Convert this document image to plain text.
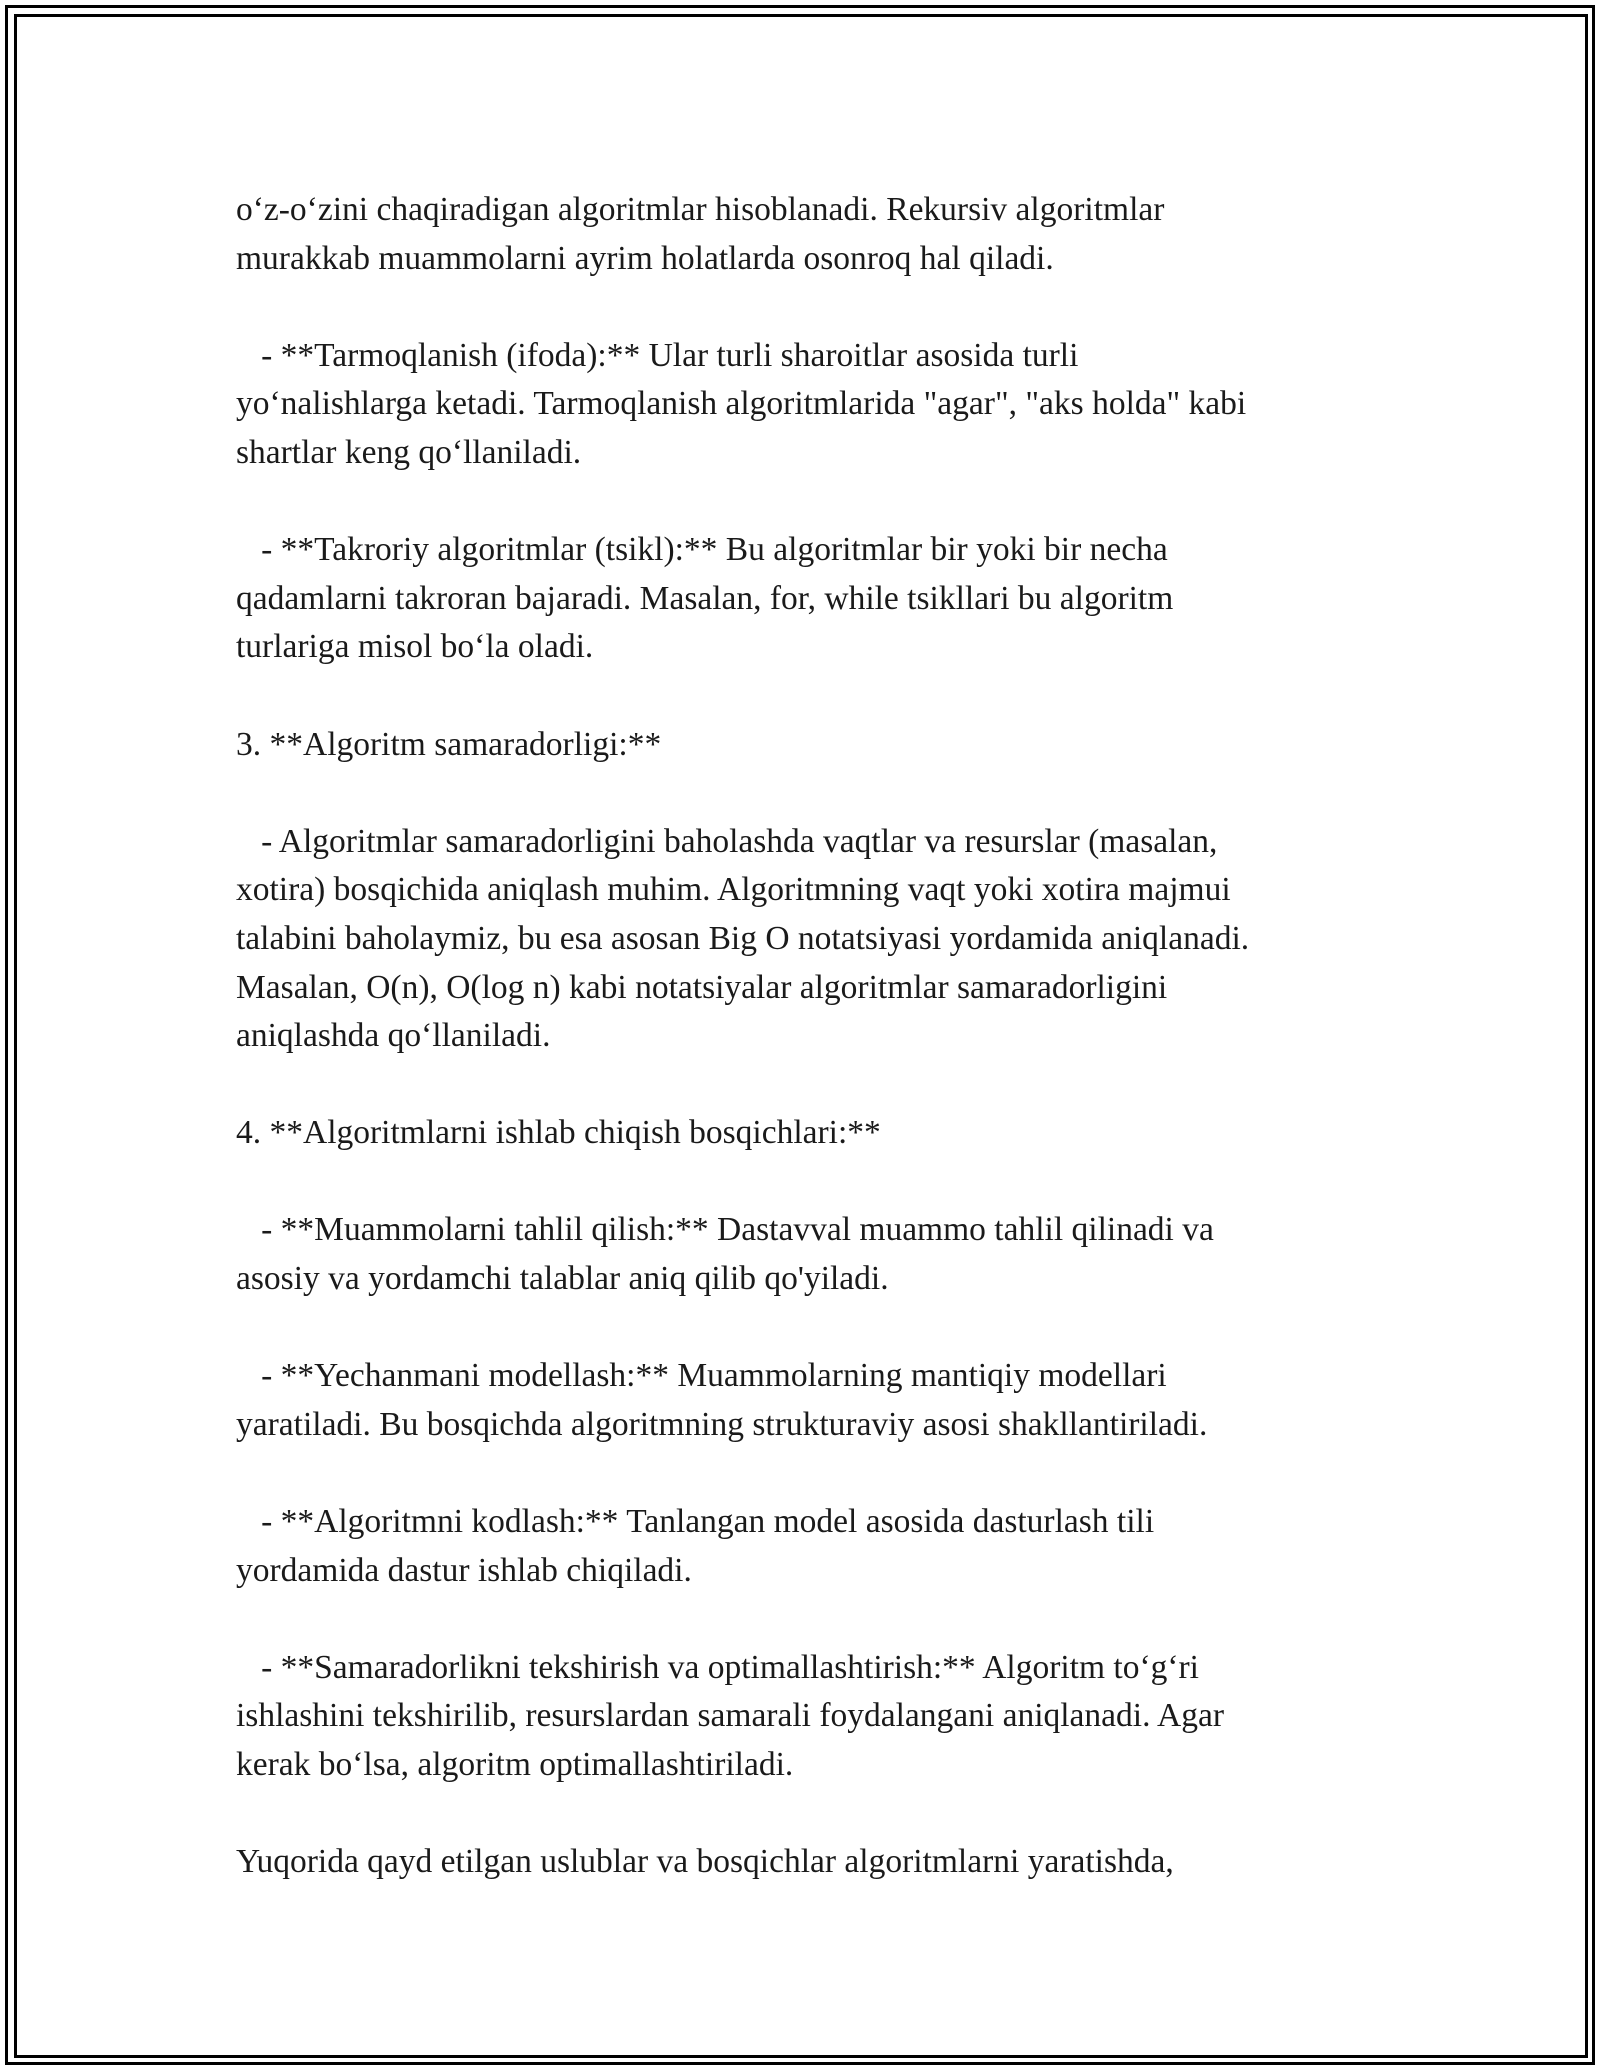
o‘z-o‘zini chaqiradigan algoritmlar hisoblanadi. Rekursiv algoritmlar
murakkab muammolarni ayrim holatlarda osonroq hal qiladi.

- **Tarmoqlanish (ifoda):** Ular turli sharoitlar asosida turli
yo‘nalishlarga ketadi. Tarmoqlanish algoritmlarida "agar", "aks holda" kabi
shartlar keng qo‘llaniladi.

- **Takroriy algoritmlar (tsikl):** Bu algoritmlar bir yoki bir necha
qadamlarni takroran bajaradi. Masalan, for, while tsikllari bu algoritm
turlariga misol bo‘la oladi.

3. **Algoritm samaradorligi:**

- Algoritmlar samaradorligini baholashda vaqtlar va resurslar (masalan,
xotira) bosqichida aniqlash muhim. Algoritmning vaqt yoki xotira majmui
talabini baholaymiz, bu esa asosan Big O notatsiyasi yordamida aniqlanadi.
Masalan, O(n), O(log n) kabi notatsiyalar algoritmlar samaradorligini
aniqlashda qo‘llaniladi.

4. **Algoritmlarni ishlab chiqish bosqichlari:**

- **Muammolarni tahlil qilish:** Dastavval muammo tahlil qilinadi va
asosiy va yordamchi talablar aniq qilib qo'yiladi.

- **Yechanmani modellash:** Muammolarning mantiqiy modellari
yaratiladi. Bu bosqichda algoritmning strukturaviy asosi shakllantiriladi.

- **Algoritmni kodlash:** Tanlangan model asosida dasturlash tili
yordamida dastur ishlab chiqiladi.

- **Samaradorlikni tekshirish va optimallashtirish:** Algoritm to‘g‘ri
ishlashini tekshirilib, resurslardan samarali foydalangani aniqlanadi. Agar
kerak bo‘lsa, algoritm optimallashtiriladi.

Yuqorida qayd etilgan uslublar va bosqichlar algoritmlarni yaratishda,
